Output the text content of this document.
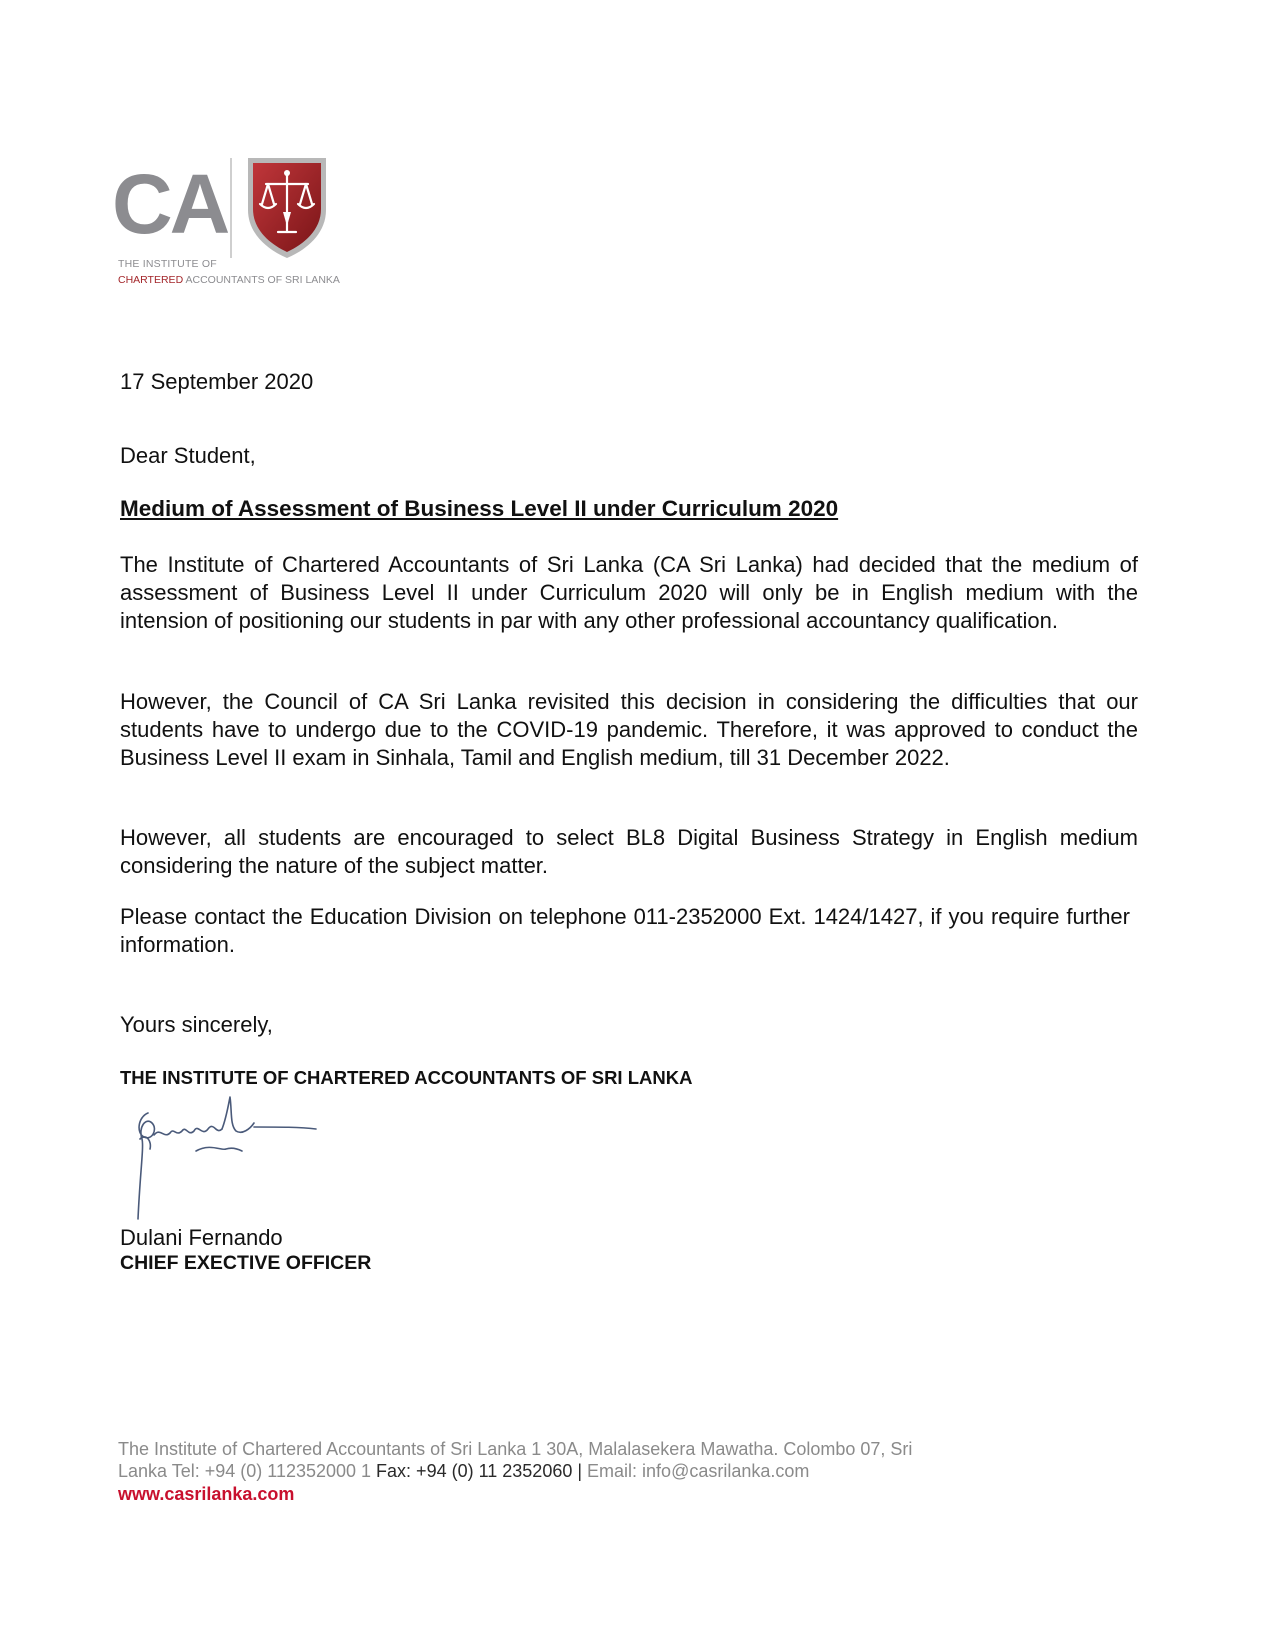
CA
THE INSTITUTE OF
CHARTERED ACCOUNTANTS OF SRI LANKA
17 September 2020
Dear Student,
Medium of Assessment of Business Level II under Curriculum 2020
The Institute of Chartered Accountants of Sri Lanka (CA Sri Lanka) had decided that the medium of assessment of Business Level II under Curriculum 2020 will only be in English medium with the intension of positioning our students in par with any other professional accountancy qualification.
However, the Council of CA Sri Lanka revisited this decision in considering the difficulties that our students have to undergo due to the COVID-19 pandemic. Therefore, it was approved to conduct the Business Level II exam in Sinhala, Tamil and English medium, till 31 December 2022.
However, all students are encouraged to select BL8 Digital Business Strategy in English medium considering the nature of the subject matter.
Please contact the Education Division on telephone 011-2352000 Ext. 1424/1427, if you require further information.
Yours sincerely,
THE INSTITUTE OF CHARTERED ACCOUNTANTS OF SRI LANKA
Dulani Fernando
CHIEF EXECTIVE OFFICER
The Institute of Chartered Accountants of Sri Lanka 1 30A, Malalasekera Mawatha. Colombo 07, Sri
Lanka Tel: +94 (0) 112352000 1 Fax: +94 (0) 11 2352060 | Email: info@casrilanka.com
www.casrilanka.com
